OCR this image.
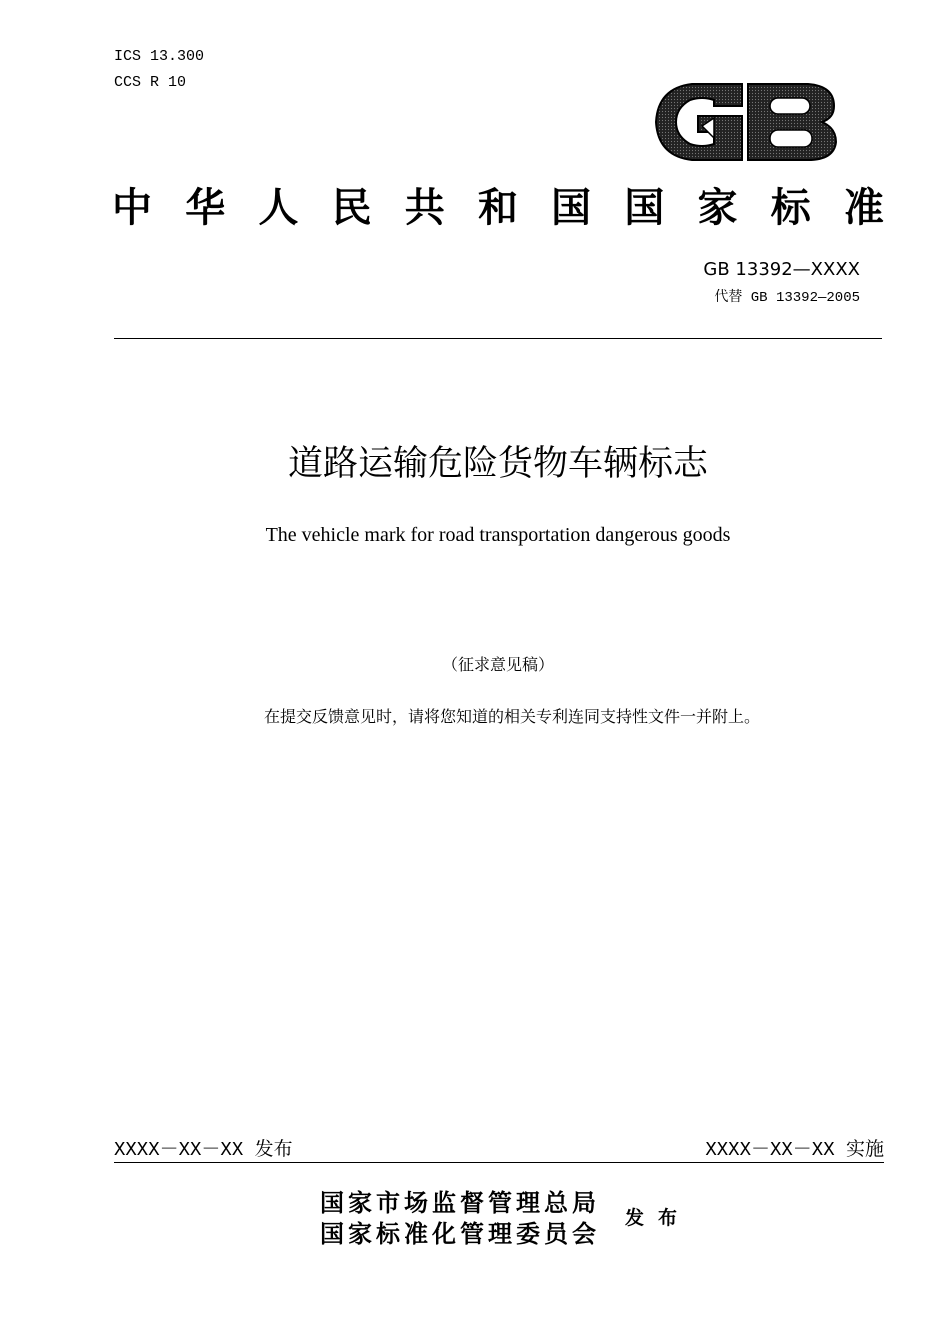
ICS 13.300
CCS R 10
中 华 人 民 共 和 国 国 家 标 准
GB 13392—XXXX
代替 GB 13392—2005
道路运输危险货物车辆标志
The vehicle mark for road transportation dangerous goods
（征求意见稿）
在提交反馈意见时，请将您知道的相关专利连同支持性文件一并附上。
XXXX－XX－XX 发布	XXXX－XX－XX 实施
国家市场监督管理总局
国家标准化管理委员会
发布
